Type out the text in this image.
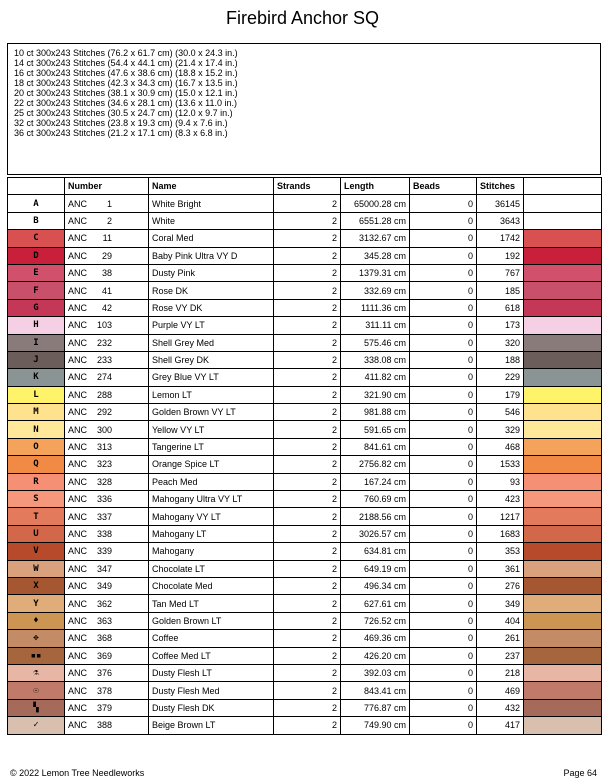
Firebird Anchor SQ
10 ct 300x243 Stitches (76.2 x 61.7 cm) (30.0 x 24.3 in.)
14 ct 300x243 Stitches (54.4 x 44.1 cm) (21.4 x 17.4 in.)
16 ct 300x243 Stitches (47.6 x 38.6 cm) (18.8 x 15.2 in.)
18 ct 300x243 Stitches (42.3 x 34.3 cm) (16.7 x 13.5 in.)
20 ct 300x243 Stitches (38.1 x 30.9 cm) (15.0 x 12.1 in.)
22 ct 300x243 Stitches (34.6 x 28.1 cm) (13.6 x 11.0 in.)
25 ct 300x243 Stitches (30.5 x 24.7 cm) (12.0 x 9.7 in.)
32 ct 300x243 Stitches (23.8 x 19.3 cm) (9.4 x 7.6 in.)
36 ct 300x243 Stitches (21.2 x 17.1 cm) (8.3 x 6.8 in.)
	Number	Name	Strands	Length	Beads	Stitches	
A	ANC 1	White Bright	2	65000.28 cm	0	36145	
B	ANC 2	White	2	6551.28 cm	0	3643	
C	ANC 11	Coral Med	2	3132.67 cm	0	1742	
D	ANC 29	Baby Pink Ultra VY D	2	345.28 cm	0	192	
E	ANC 38	Dusty Pink	2	1379.31 cm	0	767	
F	ANC 41	Rose DK	2	332.69 cm	0	185	
G	ANC 42	Rose VY DK	2	1111.36 cm	0	618	
H	ANC 103	Purple VY LT	2	311.11 cm	0	173	
I	ANC 232	Shell Grey Med	2	575.46 cm	0	320	
J	ANC 233	Shell Grey DK	2	338.08 cm	0	188	
K	ANC 274	Grey Blue VY LT	2	411.82 cm	0	229	
L	ANC 288	Lemon LT	2	321.90 cm	0	179	
M	ANC 292	Golden Brown VY LT	2	981.88 cm	0	546	
N	ANC 300	Yellow VY LT	2	591.65 cm	0	329	
O	ANC 313	Tangerine LT	2	841.61 cm	0	468	
Q	ANC 323	Orange Spice LT	2	2756.82 cm	0	1533	
R	ANC 328	Peach Med	2	167.24 cm	0	93	
S	ANC 336	Mahogany Ultra VY LT	2	760.69 cm	0	423	
T	ANC 337	Mahogany VY LT	2	2188.56 cm	0	1217	
U	ANC 338	Mahogany LT	2	3026.57 cm	0	1683	
V	ANC 339	Mahogany	2	634.81 cm	0	353	
W	ANC 347	Chocolate LT	2	649.19 cm	0	361	
X	ANC 349	Chocolate Med	2	496.34 cm	0	276	
Y	ANC 362	Tan Med LT	2	627.61 cm	0	349	
♦	ANC 363	Golden Brown LT	2	726.52 cm	0	404	
✥	ANC 368	Coffee	2	469.36 cm	0	261	
▪▪	ANC 369	Coffee Med LT	2	426.20 cm	0	237	
⚗	ANC 376	Dusty Flesh LT	2	392.03 cm	0	218	
☉	ANC 378	Dusty Flesh Med	2	843.41 cm	0	469	
▚	ANC 379	Dusty Flesh DK	2	776.87 cm	0	432	
✓	ANC 388	Beige Brown LT	2	749.90 cm	0	417	
© 2022 Lemon Tree Needleworks	Page 64
